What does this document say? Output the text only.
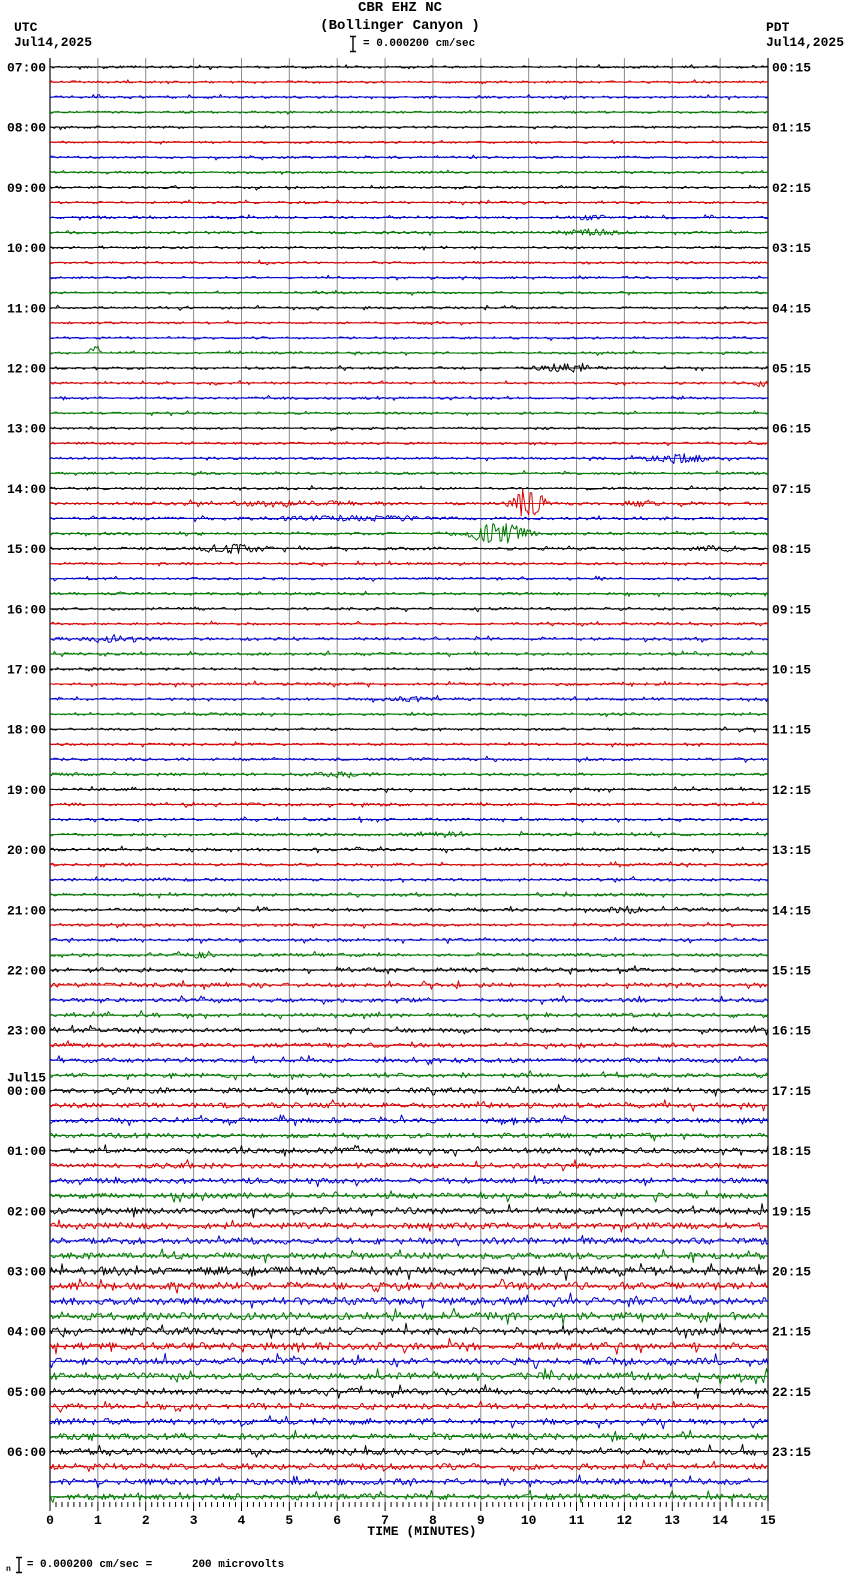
UTC
Jul14,2025
PDT
Jul14,2025
CBR EHZ NC
(Bollinger Canyon )
= 0.000200 cm/sec
0	1	2	3	4	5	6	7	8	9	10 11 12 13 14 15
07:00	00:15
08:00	01:15
09:00	02:15
10:00	03:15
11:00	04:15
12:00	05:15
13:00	06:15
14:00	07:15
15:00	08:15
16:00	09:15
17:00	10:15
18:00	11:15
19:00	12:15
20:00	13:15
21:00	14:15
22:00	15:15
23:00	16:15
Jul15
00:00	17:15
01:00	18:15
02:00	19:15
03:00	20:15
04:00	21:15
05:00	22:15
06:00	23:15
TIME (MINUTES)
n = 0.000200 cm/sec =      200 microvolts
